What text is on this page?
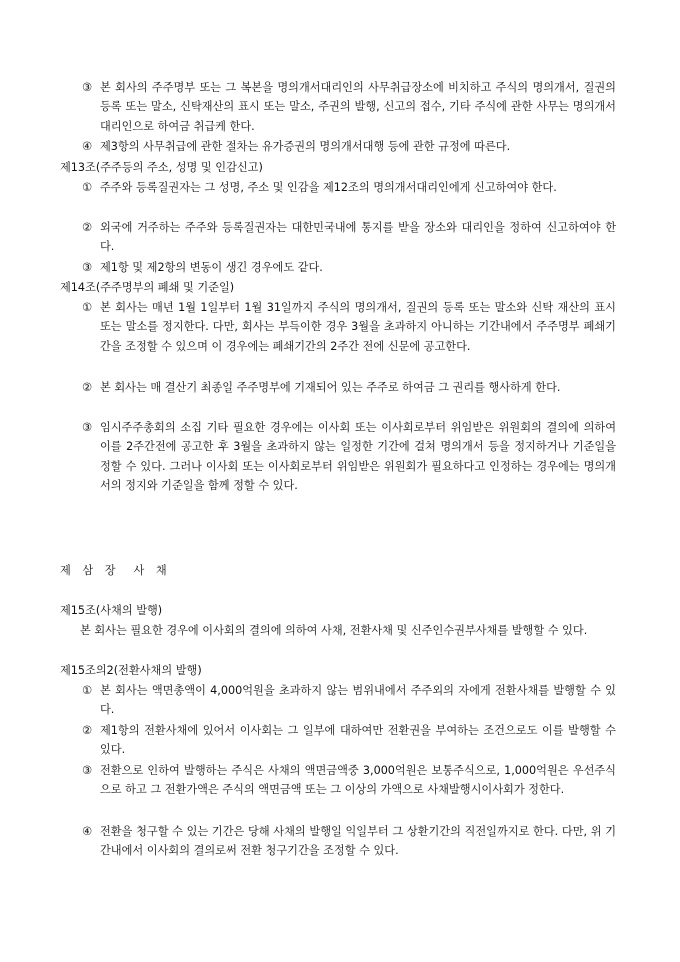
③ 본 회사의 주주명부 또는 그 복본을 명의개서대리인의 사무취급장소에 비치하고 주식의 명의개서, 질권의 등록 또는 말소, 신탁재산의 표시 또는 말소, 주권의 발행, 신고의 접수, 기타 주식에 관한 사무는 명의개서대리인으로 하여금 취급케 한다.

④ 제3항의 사무취급에 관한 절차는 유가증권의 명의개서대행 등에 관한 규정에 따른다.

제13조(주주등의 주소, 성명 및 인감신고)

① 주주와 등록질권자는 그 성명, 주소 및 인감을 제12조의 명의개서대리인에게 신고하여야 한다.

② 외국에 거주하는 주주와 등록질권자는 대한민국내에 통지를 받을 장소와 대리인을 정하여 신고하여야 한다.

③ 제1항 및 제2항의 변동이 생긴 경우에도 같다.

제14조(주주명부의 폐쇄 및 기준일)

① 본 회사는 매년 1월 1일부터 1월 31일까지 주식의 명의개서, 질권의 등록 또는 말소와 신탁 재산의 표시 또는 말소를 정지한다. 다만, 회사는 부득이한 경우 3월을 초과하지 아니하는 기간내에서 주주명부 폐쇄기간을 조정할 수 있으며 이 경우에는 폐쇄기간의 2주간 전에 신문에 공고한다.

② 본 회사는 매 결산기 최종일 주주명부에 기재되어 있는 주주로 하여금 그 권리를 행사하게 한다.

③ 임시주주총회의 소집 기타 필요한 경우에는 이사회 또는 이사회로부터 위임받은 위원회의 결의에 의하여 이를 2주간전에 공고한 후 3월을 초과하지 않는 일정한 기간에 걸쳐 명의개서 등을 정지하거나 기준일을 정할 수 있다. 그러나 이사회 또는 이사회로부터 위임받은 위원회가 필요하다고 인정하는 경우에는 명의개서의 정지와 기준일을 함께 정할 수 있다.

제 삼 장 사 채

제15조(사채의 발행)

본 회사는 필요한 경우에 이사회의 결의에 의하여 사채, 전환사채 및 신주인수권부사채를 발행할 수 있다.

제15조의2(전환사채의 발행)

① 본 회사는 액면총액이 4,000억원을 초과하지 않는 범위내에서 주주외의 자에게 전환사채를 발행할 수 있다.

② 제1항의 전환사채에 있어서 이사회는 그 일부에 대하여만 전환권을 부여하는 조건으로도 이를 발행할 수 있다.

③ 전환으로 인하여 발행하는 주식은 사채의 액면금액중 3,000억원은 보통주식으로, 1,000억원은 우선주식으로 하고 그 전환가액은 주식의 액면금액 또는 그 이상의 가액으로 사채발행시이사회가 정한다.

④ 전환을 청구할 수 있는 기간은 당해 사채의 발행일 익일부터 그 상환기간의 직전일까지로 한다. 다만, 위 기간내에서 이사회의 결의로써 전환 청구기간을 조정할 수 있다.
